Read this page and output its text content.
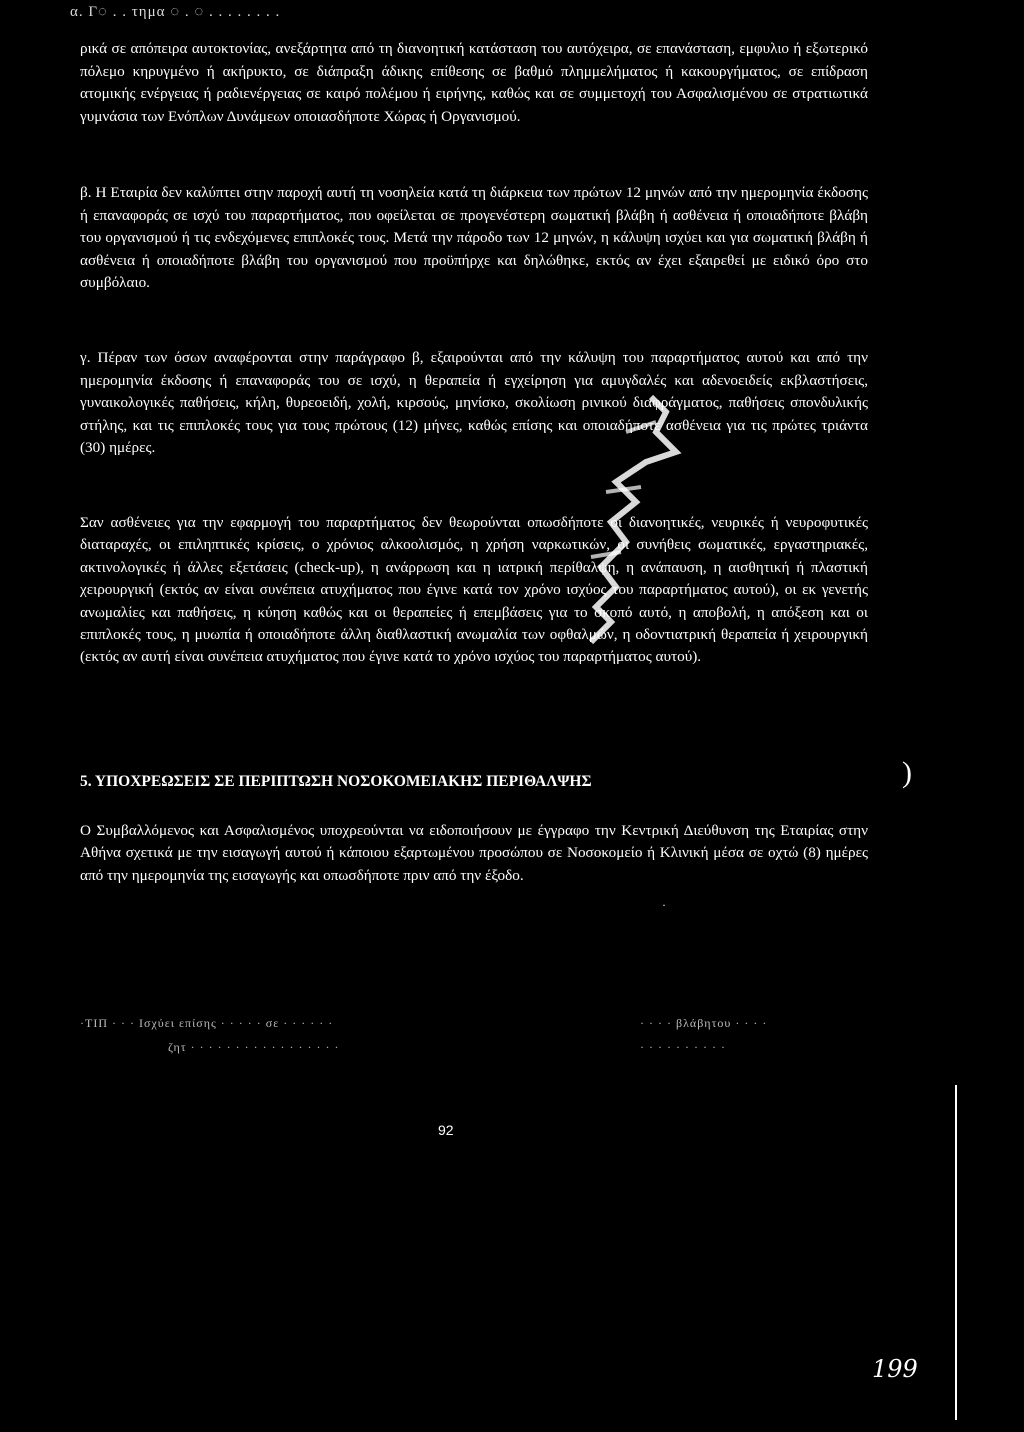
α. Γ◌ . . τημα ◌ . ◌ . . . . . . . .

ρικά σε απόπειρα αυτοκτονίας, ανεξάρτητα από τη διανοητική κατάσταση του αυτόχειρα, σε επανάσταση, εμφυλιο ή εξωτερικό πόλεμο κηρυγμένο ή ακήρυκτο, σε διάπραξη άδικης επίθεσης σε βαθμό πλημμελήματος ή κακουργήματος, σε επίδραση ατομικής ενέργειας ή ραδιενέργειας σε καιρό πολέμου ή ειρήνης, καθώς και σε συμμετοχή του Ασφαλισμένου σε στρατιωτικά γυμνάσια των Ενόπλων Δυνάμεων οποιασδήποτε Χώρας ή Οργανισμού.

β. Η Εταιρία δεν καλύπτει στην παροχή αυτή τη νοσηλεία κατά τη διάρκεια των πρώτων 12 μηνών από την ημερομηνία έκδοσης ή επαναφοράς σε ισχύ του παραρτήματος, που οφείλεται σε προγενέστερη σωματική βλάβη ή ασθένεια ή οποιαδήποτε βλάβη του οργανισμού ή τις ενδεχόμενες επιπλοκές τους. Μετά την πάροδο των 12 μηνών, η κάλυψη ισχύει και για σωματική βλάβη ή ασθένεια ή οποιαδήποτε βλάβη του οργανισμού που προϋπήρχε και δηλώθηκε, εκτός αν έχει εξαιρεθεί με ειδικό όρο στο συμβόλαιο.

γ. Πέραν των όσων αναφέρονται στην παράγραφο β, εξαιρούνται από την κάλυψη του παραρτήματος αυτού και από την ημερομηνία έκδοσης ή επαναφοράς του σε ισχύ, η θεραπεία ή εγχείρηση για αμυγδαλές και αδενοειδείς εκβλαστήσεις, γυναικολογικές παθήσεις, κήλη, θυρεοειδή, χολή, κιρσούς, μηνίσκο, σκολίωση ρινικού διαφράγματος, παθήσεις σπονδυλικής στήλης, και τις επιπλοκές τους για τους πρώτους (12) μήνες, καθώς επίσης και οποιαδήποτε ασθένεια για τις πρώτες τριάντα (30) ημέρες.

Σαν ασθένειες για την εφαρμογή του παραρτήματος δεν θεωρούνται οπωσδήποτε οι διανοητικές, νευρικές ή νευροφυτικές διαταραχές, οι επιληπτικές κρίσεις, ο χρόνιος αλκοολισμός, η χρήση ναρκωτικών, οι συνήθεις σωματικές, εργαστηριακές, ακτινολογικές ή άλλες εξετάσεις (check-up), η ανάρρωση και η ιατρική περίθαλψη, η ανάπαυση, η αισθητική ή πλαστική χειρουργική (εκτός αν είναι συνέπεια ατυχήματος που έγινε κατά τον χρόνο ισχύος του παραρτήματος αυτού), οι εκ γενετής ανωμαλίες και παθήσεις, η κύηση καθώς και οι θεραπείες ή επεμβάσεις για το σκοπό αυτό, η αποβολή, η απόξεση και οι επιπλοκές τους, η μυωπία ή οποιαδήποτε άλλη διαθλαστική ανωμαλία των οφθαλμών, η οδοντιατρική θεραπεία ή χειρουργική (εκτός αν αυτή είναι συνέπεια ατυχήματος που έγινε κατά το χρόνο ισχύος του παραρτήματος αυτού).

5. ΥΠΟΧΡΕΩΣΕΙΣ ΣΕ ΠΕΡΙΠΤΩΣΗ ΝΟΣΟΚΟΜΕΙΑΚΗΣ ΠΕΡΙΘΑΛΨΗΣ

Ο Συμβαλλόμενος και Ασφαλισμένος υποχρεούνται να ειδοποιήσουν με έγγραφο την Κεντρική Διεύθυνση της Εταιρίας στην Αθήνα σχετικά με την εισαγωγή αυτού ή κάποιου εξαρτωμένου προσώπου σε Νοσοκομείο ή Κλινική μέσα σε οχτώ (8) ημέρες από την ημερομηνία της εισαγωγής και οπωσδήποτε πριν από την έξοδο.

·
·ΤΙΠ · · · Ισχύει επίσης · · · · · σε · · · · · ·
ζητ · · · · · · · · · · · · · · · · ·
· · · · βλάβητου · · · ·
· · · · · · · · · ·
92
)
199
